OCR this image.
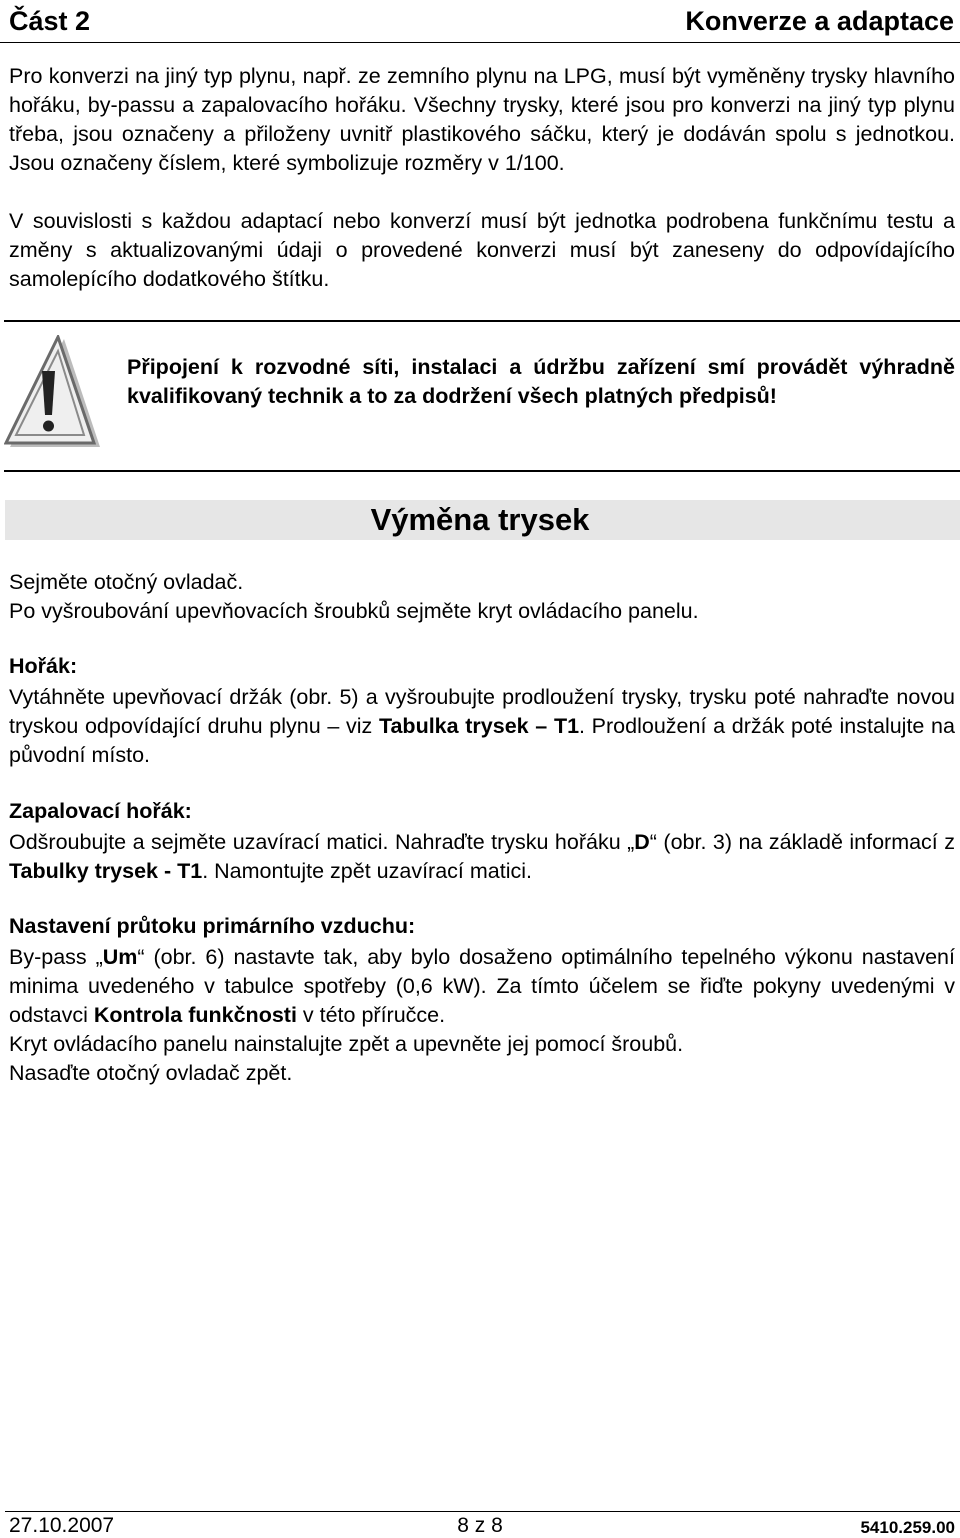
Část 2	Konverze a adaptace
Pro konverzi na jiný typ plynu, např. ze zemního plynu na LPG, musí být vyměněny trysky hlavního hořáku, by-passu a zapalovacího hořáku. Všechny trysky, které jsou pro konverzi na jiný typ plynu třeba, jsou označeny a přiloženy uvnitř plastikového sáčku, který je dodáván spolu s jednotkou. Jsou označeny číslem, které symbolizuje rozměry v 1/100.
V souvislosti s každou adaptací nebo konverzí musí být jednotka podrobena funkčnímu testu a změny s aktualizovanými údaji o provedené konverzi musí být zaneseny do odpovídajícího samolepícího dodatkového štítku.
Připojení k rozvodné síti, instalaci a údržbu zařízení smí provádět výhradně kvalifikovaný technik a to za dodržení všech platných předpisů!
Výměna trysek
Sejměte otočný ovladač.
Po vyšroubování upevňovacích šroubků sejměte kryt ovládacího panelu.
Hořák:
Vytáhněte upevňovací držák (obr. 5) a vyšroubujte prodloužení trysky, trysku poté nahraďte novou tryskou odpovídající druhu plynu – viz Tabulka trysek – T1. Prodloužení a držák poté instalujte na původní místo.
Zapalovací hořák:
Odšroubujte a sejměte uzavírací matici. Nahraďte trysku hořáku „D“ (obr. 3) na základě informací z Tabulky trysek - T1. Namontujte zpět uzavírací matici.
Nastavení průtoku primárního vzduchu:
By-pass „Um“ (obr. 6) nastavte tak, aby bylo dosaženo optimálního tepelného výkonu nastavení minima uvedeného v tabulce spotřeby (0,6 kW). Za tímto účelem se řiďte pokyny uvedenými v odstavci Kontrola funkčnosti v této příručce.
Kryt ovládacího panelu nainstalujte zpět a upevněte jej pomocí šroubů.
Nasaďte otočný ovladač zpět.
27.10.2007	8 z 8	5410.259.00
